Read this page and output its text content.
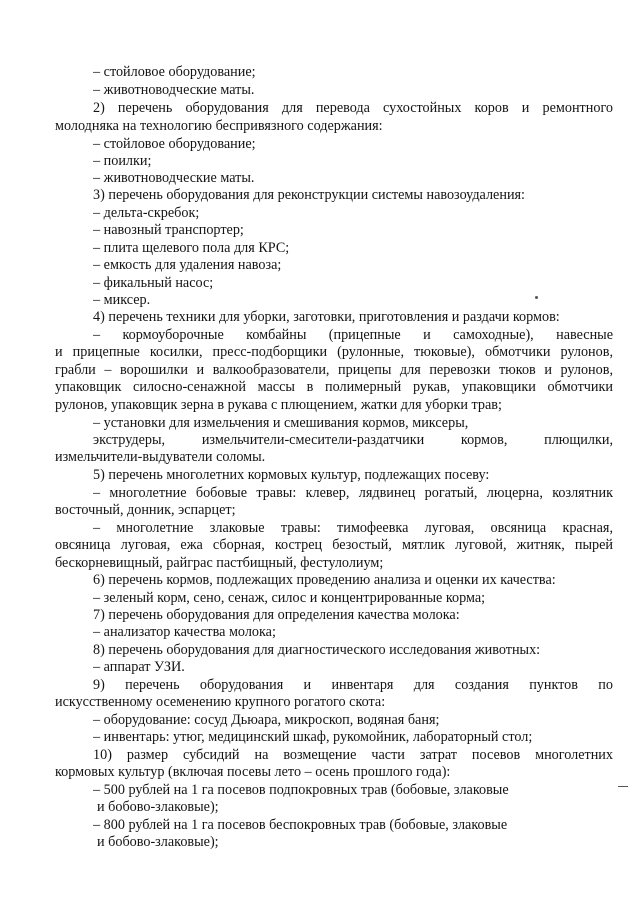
– стойловое оборудование;
– животноводческие маты.
2) перечень оборудования для перевода сухостойных коров и ремонтного
молодняка на технологию беспривязного содержания:
– стойловое оборудование;
– поилки;
– животноводческие маты.
3) перечень оборудования для реконструкции системы навозоудаления:
– дельта-скребок;
– навозный транспортер;
– плита щелевого пола для КРС;
– емкость для удаления навоза;
– фикальный насос;
– миксер.
4) перечень техники для уборки, заготовки, приготовления и раздачи кормов:
– кормоуборочные комбайны (прицепные и самоходные), навесные
и прицепные косилки, пресс-подборщики (рулонные, тюковые), обмотчики рулонов,
грабли – ворошилки и валкообразователи, прицепы для перевозки тюков и рулонов,
упаковщик силосно-сенажной массы в полимерный рукав, упаковщики обмотчики
рулонов, упаковщик зерна в рукава с плющением, жатки для уборки трав;
– установки для измельчения и смешивания кормов, миксеры,
экструдеры, измельчители-смесители-раздатчики кормов, плющилки,
измельчители-выдуватели соломы.
5) перечень многолетних кормовых культур, подлежащих посеву:
– многолетние бобовые травы: клевер, лядвинец рогатый, люцерна, козлятник
восточный, донник, эспарцет;
– многолетние злаковые травы: тимофеевка луговая, овсяница красная,
овсяница луговая, ежа сборная, кострец безостый, мятлик луговой, житняк, пырей
бескорневищный, райграс пастбищный, фестулолиум;
6) перечень кормов, подлежащих проведению анализа и оценки их качества:
– зеленый корм, сено, сенаж, силос и концентрированные корма;
7) перечень оборудования для определения качества молока:
– анализатор качества молока;
8) перечень оборудования для диагностического исследования животных:
– аппарат УЗИ.
9) перечень оборудования и инвентаря для создания пунктов по
искусственному осеменению крупного рогатого скота:
– оборудование: сосуд Дьюара, микроскоп, водяная баня;
– инвентарь: утюг, медицинский шкаф, рукомойник, лабораторный стол;
10) размер субсидий на возмещение части затрат посевов многолетних
кормовых культур (включая посевы лето – осень прошлого года):
– 500 рублей на 1 га посевов подпокровных трав (бобовые, злаковые
и бобово-злаковые);
– 800 рублей на 1 га посевов беспокровных трав (бобовые, злаковые
и бобово-злаковые);
